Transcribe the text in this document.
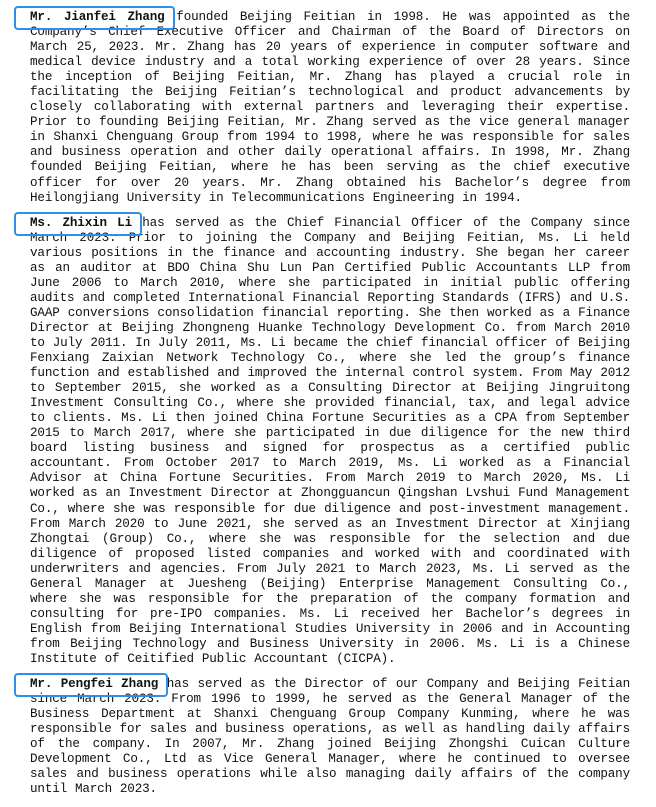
Mr. Jianfei Zhang founded Beijing Feitian in 1998. He was appointed as the Company’s Chief Executive Officer and Chairman of the Board of Directors on March 25, 2023. Mr. Zhang has 20 years of experience in computer software and medical device industry and a total working experience of over 28 years. Since the inception of Beijing Feitian, Mr. Zhang has played a crucial role in facilitating the Beijing Feitian’s technological and product advancements by closely collaborating with external partners and leveraging their expertise. Prior to founding Beijing Feitian, Mr. Zhang served as the vice general manager in Shanxi Chenguang Group from 1994 to 1998, where he was responsible for sales and business operation and other daily operational affairs. In 1998, Mr. Zhang founded Beijing Feitian, where he has been serving as the chief executive officer for over 20 years. Mr. Zhang obtained his Bachelor’s degree from Heilongjiang University in Telecommunications Engineering in 1994.

Ms. Zhixin Li has served as the Chief Financial Officer of the Company since March 2023. Prior to joining the Company and Beijing Feitian, Ms. Li held various positions in the finance and accounting industry. She began her career as an auditor at BDO China Shu Lun Pan Certified Public Accountants LLP from June 2006 to March 2010, where she participated in initial public offering audits and completed International Financial Reporting Standards (IFRS) and U.S. GAAP conversions consolidation financial reporting. She then worked as a Finance Director at Beijing Zhongneng Huanke Technology Development Co. from March 2010 to July 2011. In July 2011, Ms. Li became the chief financial officer of Beijing Fenxiang Zaixian Network Technology Co., where she led the group’s finance function and established and improved the internal control system. From May 2012 to September 2015, she worked as a Consulting Director at Beijing Jingruitong Investment Consulting Co., where she provided financial, tax, and legal advice to clients. Ms. Li then joined China Fortune Securities as a CPA from September 2015 to March 2017, where she participated in due diligence for the new third board listing business and signed for prospectus as a certified public accountant. From October 2017 to March 2019, Ms. Li worked as a Financial Advisor at China Fortune Securities. From March 2019 to March 2020, Ms. Li worked as an Investment Director at Zhongguancun Qingshan Lvshui Fund Management Co., where she was responsible for due diligence and post-investment management. From March 2020 to June 2021, she served as an Investment Director at Xinjiang Zhongtai (Group) Co., where she was responsible for the selection and due diligence of proposed listed companies and worked with and coordinated with underwriters and agencies. From July 2021 to March 2023, Ms. Li served as the General Manager at Juesheng (Beijing) Enterprise Management Consulting Co., where she was responsible for the preparation of the company formation and consulting for pre-IPO companies. Ms. Li received her Bachelor’s degrees in English from Beijing International Studies University in 2006 and in Accounting from Beijing Technology and Business University in 2006. Ms. Li is a Chinese Institute of Ceitified Public Accountant (CICPA).

Mr. Pengfei Zhang has served as the Director of our Company and Beijing Feitian since March 2023. From 1996 to 1999, he served as the General Manager of the Business Department at Shanxi Chenguang Group Company Kunming, where he was responsible for sales and business operations, as well as handling daily affairs of the company. In 2007, Mr. Zhang joined Beijing Zhongshi Cuican Culture Development Co., Ltd as Vice General Manager, where he continued to oversee sales and business operations while also managing daily affairs of the company until March 2023.
